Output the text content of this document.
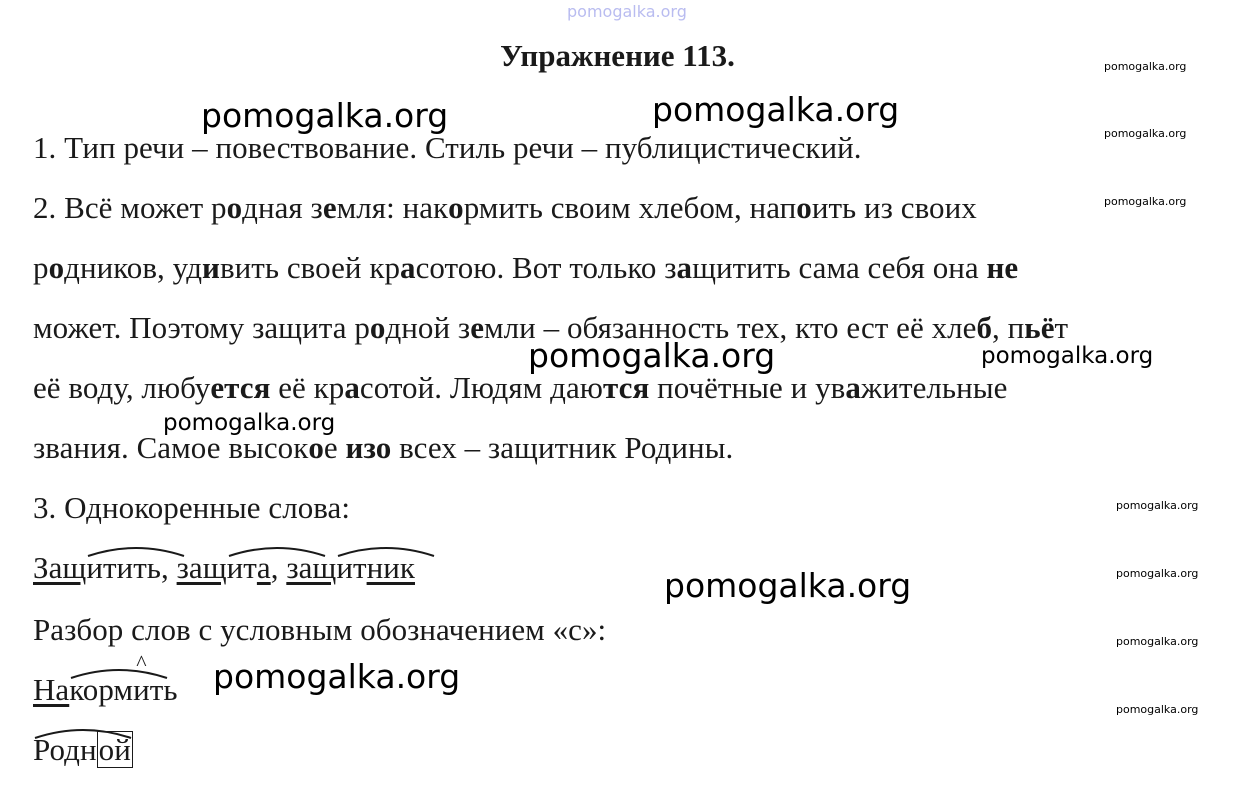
pomogalka.org
pomogalka.org	pomogalka.org
pomogalka.org
pomogalka.org
pomogalka.org
pomogalka.org
pomogalka.org
pomogalka.org
pomogalka.org
pomogalka.org
pomogalka.org
pomogalka.org
pomogalka.org
pomogalka.org
Упражнение 113.
1. Тип речи – повествование. Стиль речи – публицистический.
2. Всё может родная земля: накормить своим хлебом, напоить из своих
родников, удивить своей красотою. Вот только защитить сама себя она не
может. Поэтому защита родной земли – обязанность тех, кто ест её хлеб, пьёт
её воду, любуется её красотой. Людям даются почётные и уважительные
звания. Самое высокое изо всех – защитник Родины.
3. Однокоренные слова:
Защ
итить, защ
ита, защ
итник
Разбор слов с условным обозначением «с»:
На
корм^ ить
Родной
